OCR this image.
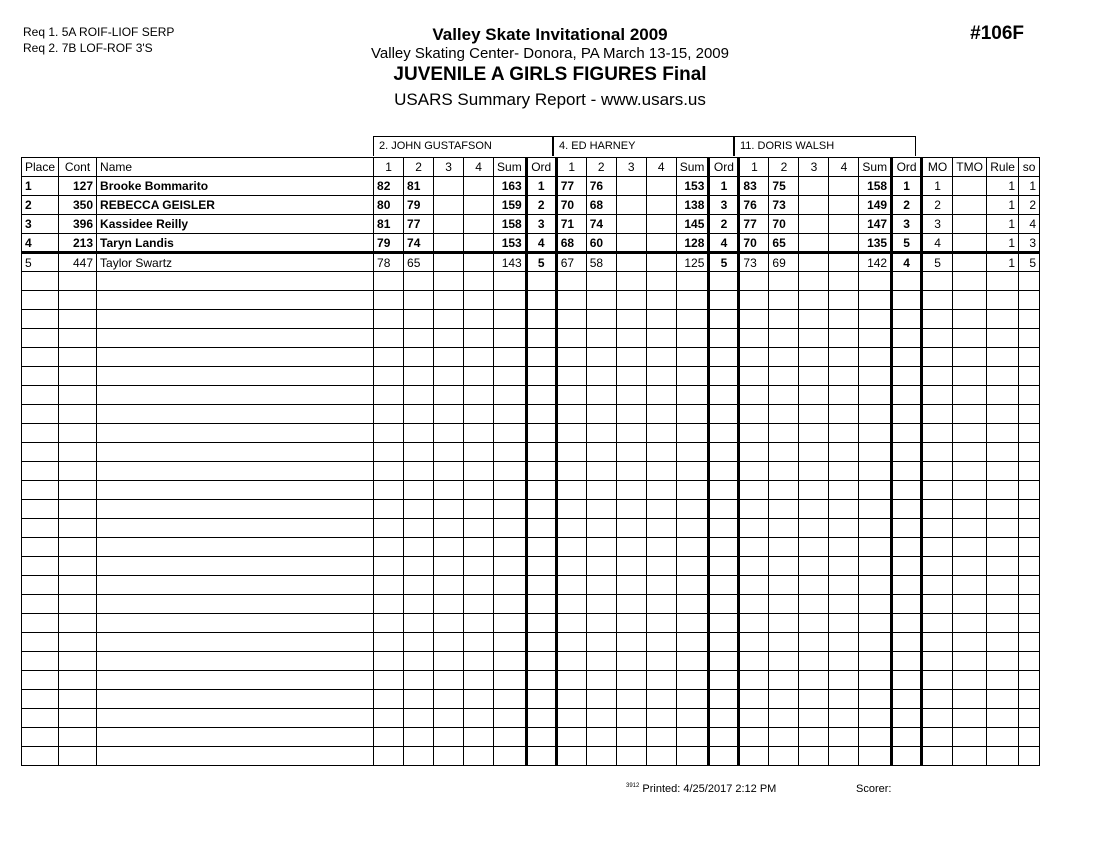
Req 1. 5A ROIF-LIOF SERP
Req 2. 7B LOF-ROF 3'S
Valley Skate Invitational 2009
Valley Skating Center- Donora, PA March 13-15, 2009
JUVENILE A GIRLS FIGURES Final
USARS Summary Report - www.usars.us
#106F
2. JOHN GUSTAFSON	4. ED HARNEY	11. DORIS WALSH
Place	Cont	Name	1	2	3	4	Sum	Ord	1	2	3	4	Sum	Ord	1	2	3	4	Sum	Ord	MO	TMO	Rule	so
1	127	Brooke Bommarito	82	81			163	1	77	76			153	1	83	75			158	1	1		1	1
2	350	REBECCA GEISLER	80	79			159	2	70	68			138	3	76	73			149	2	2		1	2
3	396	Kassidee Reilly	81	77			158	3	71	74			145	2	77	70			147	3	3		1	4
4	213	Taryn Landis	79	74			153	4	68	60			128	4	70	65			135	5	4		1	3
5	447	Taylor Swartz	78	65			143	5	67	58			125	5	73	69			142	4	5		1	5

$^{3912}$ Printed: 4/25/2017 2:12 PM	Scorer:
